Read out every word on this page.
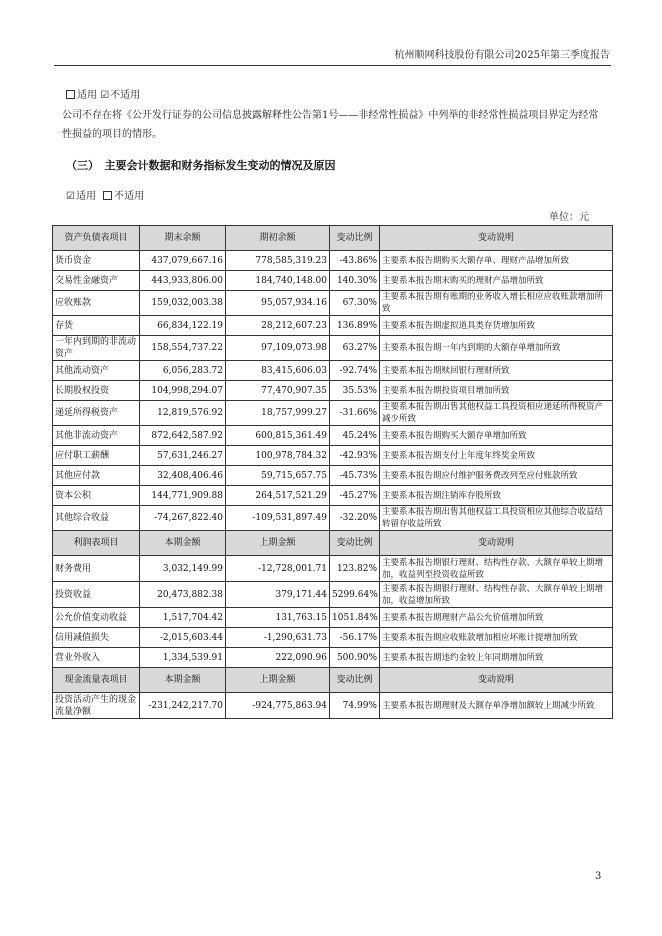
杭州顺网科技股份有限公司2025年第三季度报告
适用 ☑不适用
公司不存在将《公开发行证券的公司信息披露解释性公告第1号——非经常性损益》中列举的非经常性损益项目界定为经常性损益的项目的情形。
（三）　主要会计数据和财务指标发生变动的情况及原因
☑适用 不适用
单位：元
资产负债表项目	期末余额	期初余额	变动比例	变动说明
货币资金	437,079,667.16	778,585,319.23	-43.86%	主要系本报告期购买大额存单、理财产品增加所致
交易性金融资产	443,933,806.00	184,740,148.00	140.30%	主要系本报告期末购买的理财产品增加所致
应收账款	159,032,003.38	95,057,934.16	67.30%	主要系本报告期有账期的业务收入增长相应应收账款增加所致
存货	66,834,122.19	28,212,607.23	136.89%	主要系本报告期虚拟道具类存货增加所致
一年内到期的非流动资产	158,554,737.22	97,109,073.98	63.27%	主要系本报告期一年内到期的大额存单增加所致
其他流动资产	6,056,283.72	83,415,606.03	-92.74%	主要系本报告期赎回银行理财所致
长期股权投资	104,998,294.07	77,470,907.35	35.53%	主要系本报告期投资项目增加所致
递延所得税资产	12,819,576.92	18,757,999.27	-31.66%	主要系本报告期出售其他权益工具投资相应递延所得税资产减少所致
其他非流动资产	872,642,587.92	600,815,361.49	45.24%	主要系本报告期购买大额存单增加所致
应付职工薪酬	57,631,246.27	100,978,784.32	-42.93%	主要系本报告期支付上年度年终奖金所致
其他应付款	32,408,406.46	59,715,657.75	-45.73%	主要系本报告期应付维护服务费改列至应付账款所致
资本公积	144,771,909.88	264,517,521.29	-45.27%	主要系本报告期注销库存股所致
其他综合收益	-74,267,822.40	-109,531,897.49	-32.20%	主要系本报告期出售其他权益工具投资相应其他综合收益结转留存收益所致
利润表项目	本期金额	上期金额	变动比例	变动说明
财务费用	3,032,149.99	-12,728,001.71	123.82%	主要系本报告期银行理财、结构性存款、大额存单较上期增加，收益列至投资收益所致
投资收益	20,473,882.38	379,171.44	5299.64%	主要系本报告期银行理财、结构性存款、大额存单较上期增加，收益增加所致
公允价值变动收益	1,517,704.42	131,763.15	1051.84%	主要系本报告期理财产品公允价值增加所致
信用减值损失	-2,015,603.44	-1,290,631.73	-56.17%	主要系本报告期应收账款增加相应坏账计提增加所致
营业外收入	1,334,539.91	222,090.96	500.90%	主要系本报告期违约金较上年同期增加所致
现金流量表项目	本期金额	上期金额	变动比例	变动说明
投资活动产生的现金流量净额	-231,242,217.70	-924,775,863.94	74.99%	主要系本报告期理财及大额存单净增加额较上期减少所致
3
